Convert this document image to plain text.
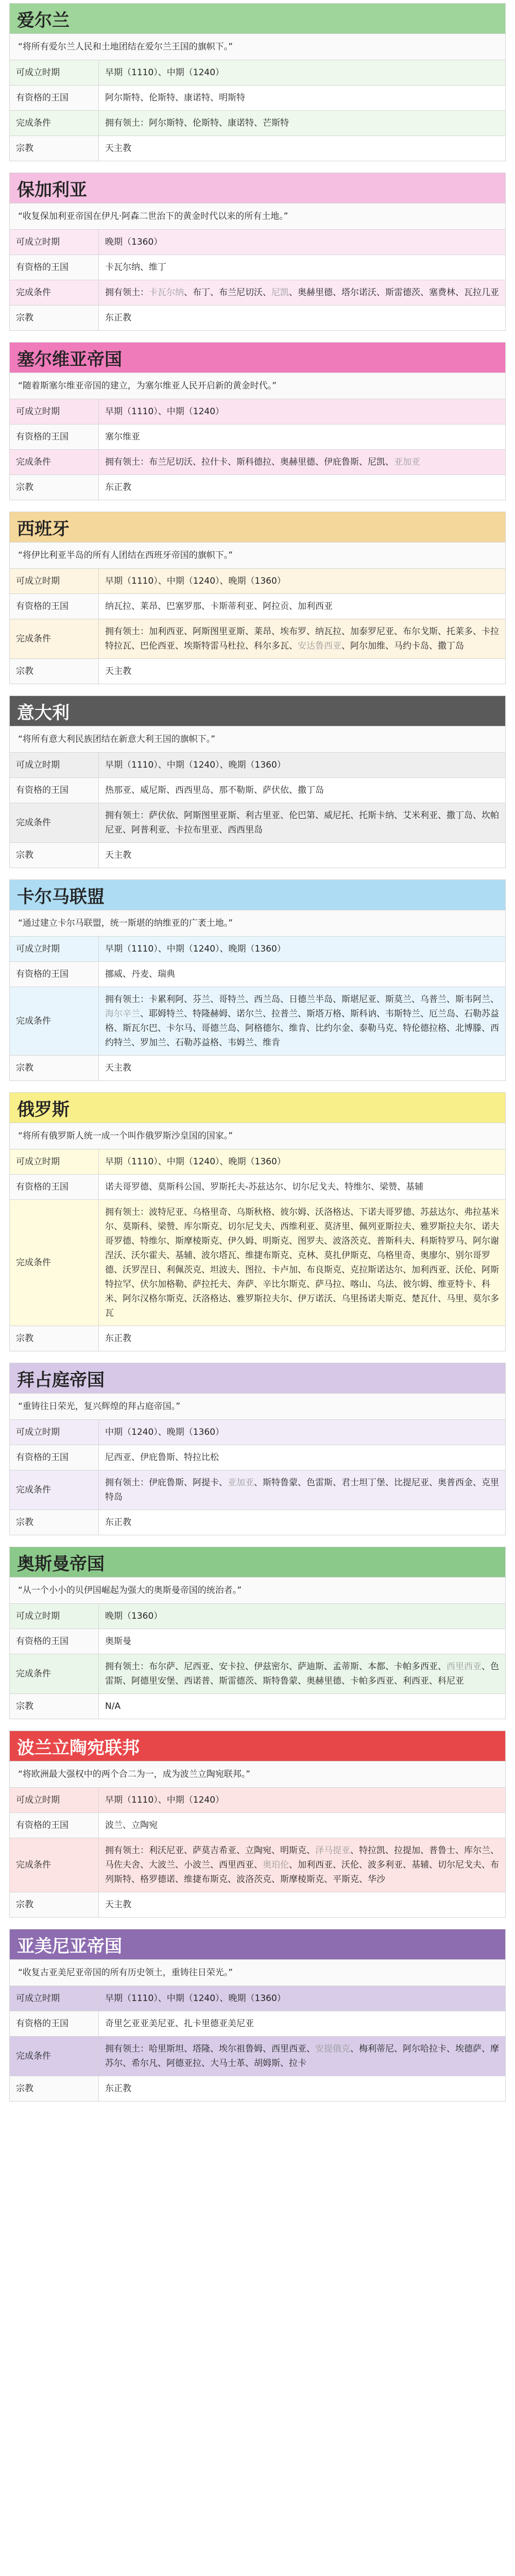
爱尔兰
“将所有爱尔兰人民和土地团结在爱尔兰王国的旗帜下。”
可成立时期	早期（1110）、中期（1240）
有资格的王国	阿尔斯特、伦斯特、康诺特、明斯特
完成条件	拥有领土：阿尔斯特、伦斯特、康诺特、芒斯特
宗教	天主教
保加利亚
“收复保加利亚帝国在伊凡·阿森二世治下的黄金时代以来的所有土地。”
可成立时期	晚期（1360）
有资格的王国	卡瓦尔纳、维丁
完成条件	拥有领土：卡瓦尔纳、布丁、布兰尼切沃、尼凯、奥赫里德、塔尔诺沃、斯雷德茨、塞费林、瓦拉几亚
宗教	东正教
塞尔维亚帝国
“随着斯塞尔维亚帝国的建立，为塞尔维亚人民开启新的黄金时代。”
可成立时期	早期（1110）、中期（1240）
有资格的王国	塞尔维亚
完成条件	拥有领土：布兰尼切沃、拉什卡、斯科德拉、奥赫里德、伊庇鲁斯、尼凯、亚加亚
宗教	东正教
西班牙
“将伊比利亚半岛的所有人团结在西班牙帝国的旗帜下。”
可成立时期	早期（1110）、中期（1240）、晚期（1360）
有资格的王国	纳瓦拉、莱昂、巴塞罗那、卡斯蒂利亚、阿拉贡、加利西亚
完成条件	拥有领土：加利西亚、阿斯图里亚斯、莱昂、埃布罗、纳瓦拉、加泰罗尼亚、布尔戈斯、托莱多、卡拉特拉瓦、巴伦西亚、埃斯特雷马杜拉、科尔多瓦、安达鲁西亚、阿尔加维、马约卡岛、撒丁岛
宗教	天主教
意大利
“将所有意大利民族团结在新意大利王国的旗帜下。”
可成立时期	早期（1110）、中期（1240）、晚期（1360）
有资格的王国	热那亚、威尼斯、西西里岛、那不勒斯、萨伏依、撒丁岛
完成条件	拥有领土：萨伏依、阿斯图里亚斯、利古里亚、伦巴第、威尼托、托斯卡纳、艾米利亚、撒丁岛、坎帕尼亚、阿普利亚、卡拉布里亚、西西里岛
宗教	天主教
卡尔马联盟
“通过建立卡尔马联盟，统一斯堪的纳维亚的广袤土地。”
可成立时期	早期（1110）、中期（1240）、晚期（1360）
有资格的王国	挪威、丹麦、瑞典
完成条件	拥有领土：卡累利阿、芬兰、哥特兰、西兰岛、日德兰半岛、斯堪尼亚、斯莫兰、乌普兰、斯韦阿兰、海尔辛兰、耶姆特兰、特隆赫姆、诺尔兰、拉普兰、斯塔万格、斯科讷、韦斯特兰、厄兰岛、石勒苏益格、斯瓦尔巴、卡尔马、哥德兰岛、阿格德尔、维肯、比约尔金、泰勒马克、特伦德拉格、北博滕、西约特兰、罗加兰、石勒苏益格、韦姆兰、维肯
宗教	天主教
俄罗斯
“将所有俄罗斯人统一成一个叫作俄罗斯沙皇国的国家。”
可成立时期	早期（1110）、中期（1240）、晚期（1360）
有资格的王国	诺夫哥罗德、莫斯科公国、罗斯托夫-苏兹达尔、切尔尼戈夫、特维尔、梁赞、基辅
完成条件	拥有领土：波特尼亚、乌格里奇、乌斯秋格、彼尔姆、沃洛格达、下诺夫哥罗德、苏兹达尔、弗拉基米尔、莫斯科、梁赞、库尔斯克、切尔尼戈夫、西维利亚、莫济里、佩列亚斯拉夫、雅罗斯拉夫尔、诺夫哥罗德、特维尔、斯摩棱斯克、伊久姆、明斯克、图罗夫、波洛茨克、普斯科夫、科斯特罗马、阿尔谢涅沃、沃尔霍夫、基辅、波尔塔瓦、维捷布斯克、克林、莫扎伊斯克、乌格里奇、奥廖尔、别尔哥罗德、沃罗涅日、利佩茨克、坦波夫、图拉、卡卢加、布良斯克、克拉斯诺达尔、加利西亚、沃伦、阿斯特拉罕、伏尔加格勒、萨拉托夫、奔萨、辛比尔斯克、萨马拉、喀山、乌法、彼尔姆、维亚特卡、科米、阿尔汉格尔斯克、沃洛格达、雅罗斯拉夫尔、伊万诺沃、乌里扬诺夫斯克、楚瓦什、马里、莫尔多瓦
宗教	东正教
拜占庭帝国
“重铸往日荣光，复兴辉煌的拜占庭帝国。”
可成立时期	中期（1240）、晚期（1360）
有资格的王国	尼西亚、伊庇鲁斯、特拉比松
完成条件	拥有领土：伊庇鲁斯、阿提卡、亚加亚、斯特鲁蒙、色雷斯、君士坦丁堡、比提尼亚、奥普西金、克里特岛
宗教	东正教
奥斯曼帝国
“从一个小小的贝伊国崛起为强大的奥斯曼帝国的统治者。”
可成立时期	晚期（1360）
有资格的王国	奥斯曼
完成条件	拥有领土：布尔萨、尼西亚、安卡拉、伊兹密尔、萨迪斯、孟蒂斯、本都、卡帕多西亚、西里西亚、色雷斯、阿德里安堡、西诺普、斯雷德茨、斯特鲁蒙、奥赫里德、卡帕多西亚、利西亚、科尼亚
宗教	N/A
波兰立陶宛联邦
“将欧洲最大强权中的两个合二为一，成为波兰立陶宛联邦。”
可成立时期	早期（1110）、中期（1240）
有资格的王国	波兰、立陶宛
完成条件	拥有领土：利沃尼亚、萨莫吉希亚、立陶宛、明斯克、泽马提亚、特拉凯、拉提加、普鲁士、库尔兰、马佐夫舍、大波兰、小波兰、西里西亚、奥珀伦、加利西亚、沃伦、波多利亚、基辅、切尔尼戈夫、布列斯特、格罗德诺、维捷布斯克、波洛茨克、斯摩棱斯克、平斯克、华沙
宗教	天主教
亚美尼亚帝国
“收复古亚美尼亚帝国的所有历史领土，重铸往日荣光。”
可成立时期	早期（1110）、中期（1240）、晚期（1360）
有资格的王国	奇里乞亚亚美尼亚、扎卡里德亚美尼亚
完成条件	拥有领土：哈里斯坦、塔隆、埃尔祖鲁姆、西里西亚、安提俄克、梅利蒂尼、阿尔哈拉卡、埃德萨、摩苏尔、希尔凡、阿德亚拉、大马士革、胡姆斯、拉卡
宗教	东正教
